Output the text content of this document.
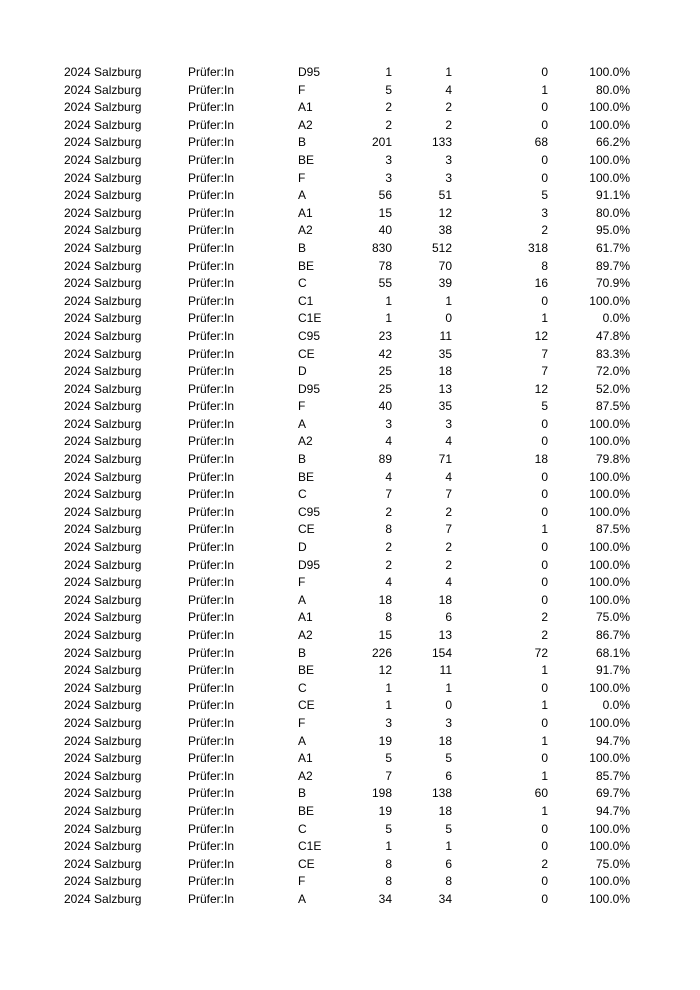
2024 Salzburg	Prüfer:In	D95	1	1	0	100.0%
2024 Salzburg	Prüfer:In	F	5	4	1	80.0%
2024 Salzburg	Prüfer:In	A1	2	2	0	100.0%
2024 Salzburg	Prüfer:In	A2	2	2	0	100.0%
2024 Salzburg	Prüfer:In	B	201	133	68	66.2%
2024 Salzburg	Prüfer:In	BE	3	3	0	100.0%
2024 Salzburg	Prüfer:In	F	3	3	0	100.0%
2024 Salzburg	Prüfer:In	A	56	51	5	91.1%
2024 Salzburg	Prüfer:In	A1	15	12	3	80.0%
2024 Salzburg	Prüfer:In	A2	40	38	2	95.0%
2024 Salzburg	Prüfer:In	B	830	512	318	61.7%
2024 Salzburg	Prüfer:In	BE	78	70	8	89.7%
2024 Salzburg	Prüfer:In	C	55	39	16	70.9%
2024 Salzburg	Prüfer:In	C1	1	1	0	100.0%
2024 Salzburg	Prüfer:In	C1E	1	0	1	0.0%
2024 Salzburg	Prüfer:In	C95	23	11	12	47.8%
2024 Salzburg	Prüfer:In	CE	42	35	7	83.3%
2024 Salzburg	Prüfer:In	D	25	18	7	72.0%
2024 Salzburg	Prüfer:In	D95	25	13	12	52.0%
2024 Salzburg	Prüfer:In	F	40	35	5	87.5%
2024 Salzburg	Prüfer:In	A	3	3	0	100.0%
2024 Salzburg	Prüfer:In	A2	4	4	0	100.0%
2024 Salzburg	Prüfer:In	B	89	71	18	79.8%
2024 Salzburg	Prüfer:In	BE	4	4	0	100.0%
2024 Salzburg	Prüfer:In	C	7	7	0	100.0%
2024 Salzburg	Prüfer:In	C95	2	2	0	100.0%
2024 Salzburg	Prüfer:In	CE	8	7	1	87.5%
2024 Salzburg	Prüfer:In	D	2	2	0	100.0%
2024 Salzburg	Prüfer:In	D95	2	2	0	100.0%
2024 Salzburg	Prüfer:In	F	4	4	0	100.0%
2024 Salzburg	Prüfer:In	A	18	18	0	100.0%
2024 Salzburg	Prüfer:In	A1	8	6	2	75.0%
2024 Salzburg	Prüfer:In	A2	15	13	2	86.7%
2024 Salzburg	Prüfer:In	B	226	154	72	68.1%
2024 Salzburg	Prüfer:In	BE	12	11	1	91.7%
2024 Salzburg	Prüfer:In	C	1	1	0	100.0%
2024 Salzburg	Prüfer:In	CE	1	0	1	0.0%
2024 Salzburg	Prüfer:In	F	3	3	0	100.0%
2024 Salzburg	Prüfer:In	A	19	18	1	94.7%
2024 Salzburg	Prüfer:In	A1	5	5	0	100.0%
2024 Salzburg	Prüfer:In	A2	7	6	1	85.7%
2024 Salzburg	Prüfer:In	B	198	138	60	69.7%
2024 Salzburg	Prüfer:In	BE	19	18	1	94.7%
2024 Salzburg	Prüfer:In	C	5	5	0	100.0%
2024 Salzburg	Prüfer:In	C1E	1	1	0	100.0%
2024 Salzburg	Prüfer:In	CE	8	6	2	75.0%
2024 Salzburg	Prüfer:In	F	8	8	0	100.0%
2024 Salzburg	Prüfer:In	A	34	34	0	100.0%
